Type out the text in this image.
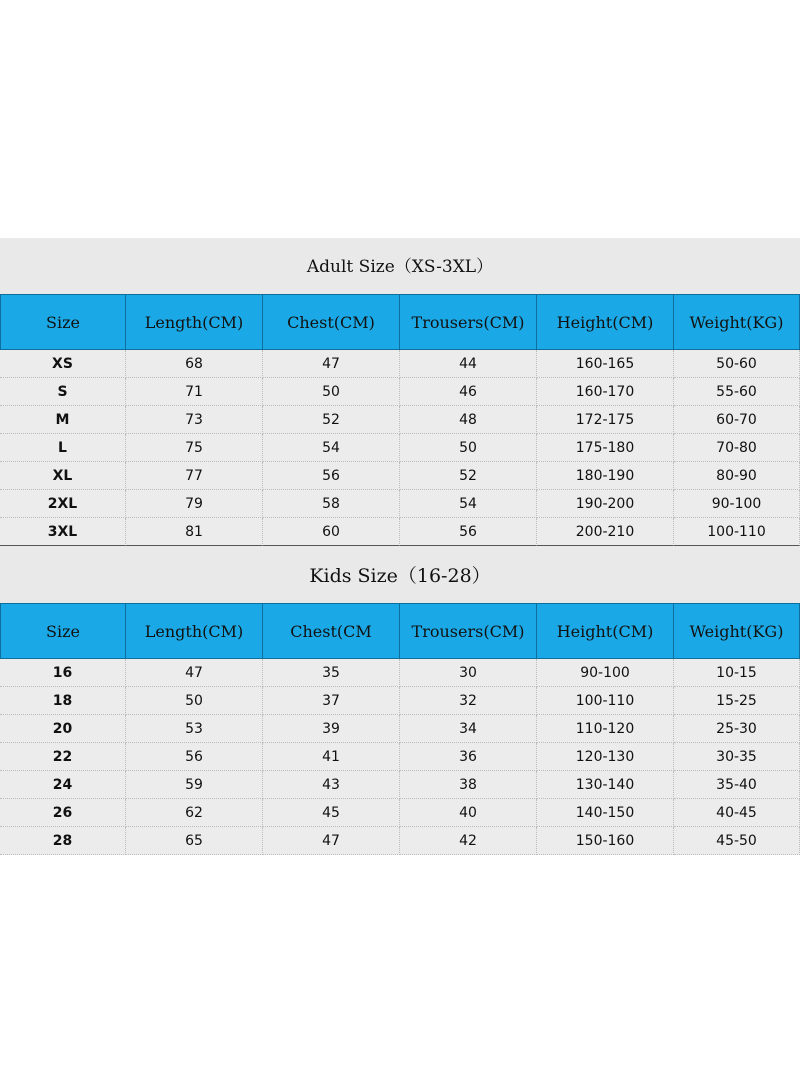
Adult Size（XS-3XL）
Size	Length(CM)	Chest(CM)	Trousers(CM)	Height(CM)	Weight(KG)
XS	68	47	44	160-165	50-60
S	71	50	46	160-170	55-60
M	73	52	48	172-175	60-70
L	75	54	50	175-180	70-80
XL	77	56	52	180-190	80-90
2XL	79	58	54	190-200	90-100
3XL	81	60	56	200-210	100-110
Kids Size（16-28）
Size	Length(CM)	Chest(CM	Trousers(CM)	Height(CM)	Weight(KG)
16	47	35	30	90-100	10-15
18	50	37	32	100-110	15-25
20	53	39	34	110-120	25-30
22	56	41	36	120-130	30-35
24	59	43	38	130-140	35-40
26	62	45	40	140-150	40-45
28	65	47	42	150-160	45-50
